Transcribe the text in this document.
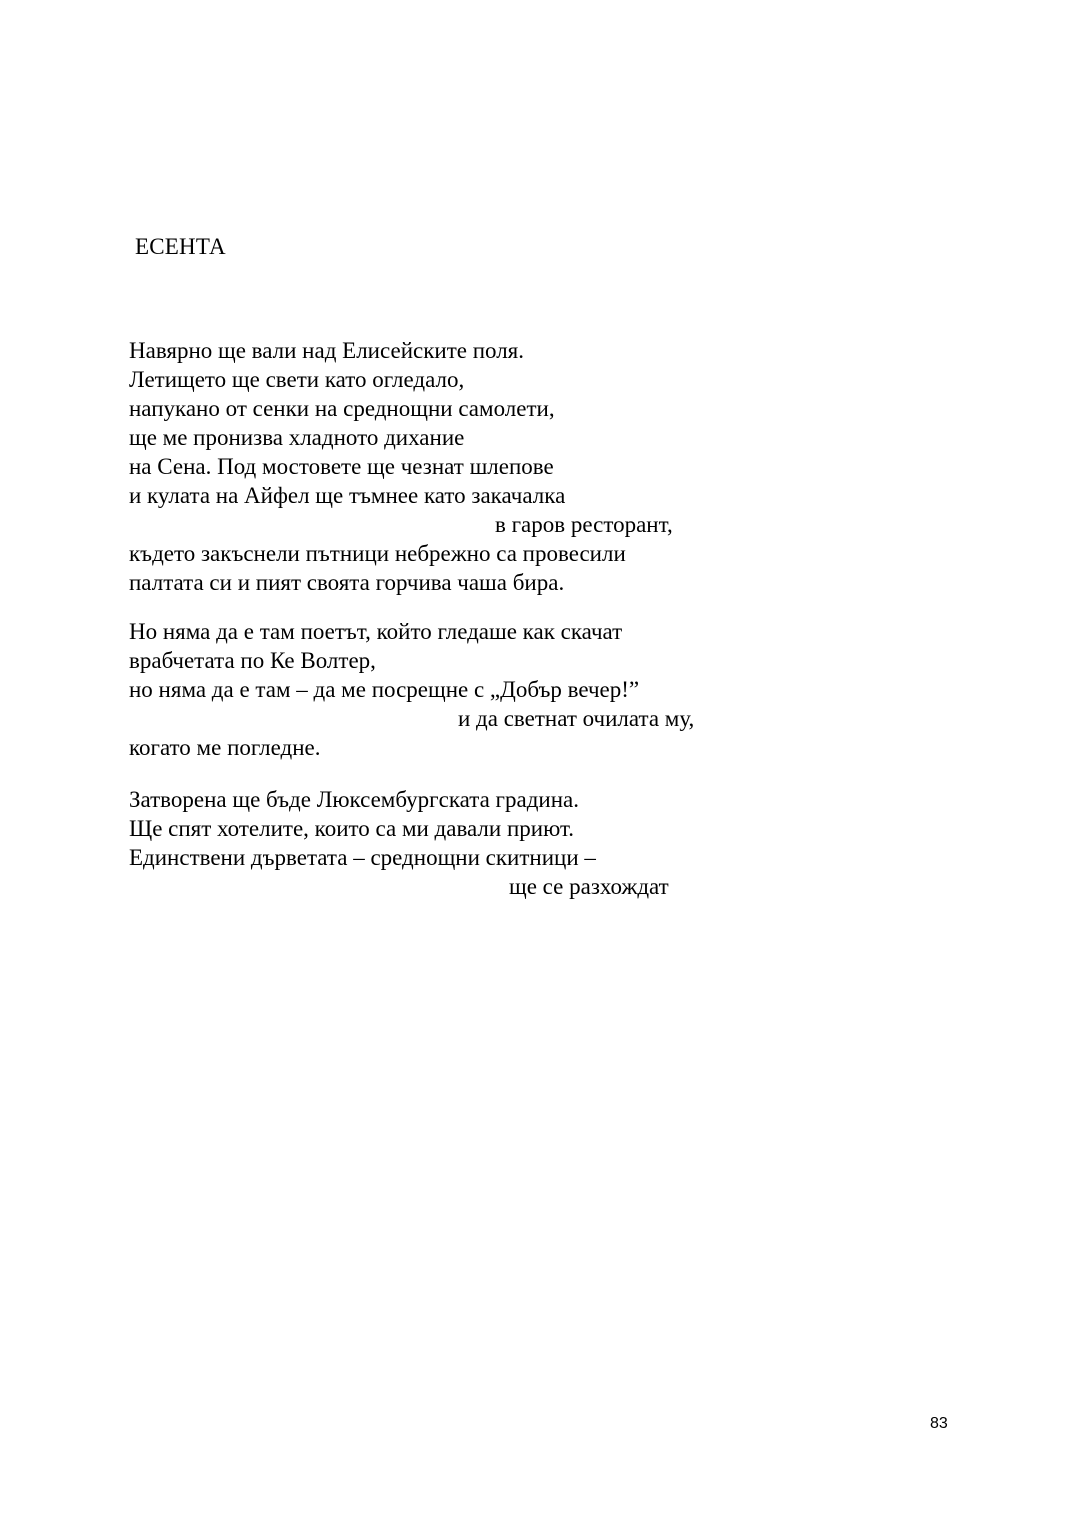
ЕСЕНТА
Навярно ще вали над Елисейските поля.
Летището ще свети като огледало,
напукано от сенки на среднощни самолети,
ще ме пронизва хладното дихание
на Сена. Под мостовете ще чезнат шлепове
и кулата на Айфел ще тъмнее като закачалка
в гаров ресторант,
където закъснели пътници небрежно са провесили
палтата си и пият своята горчива чаша бира.
Но няма да е там поетът, който гледаше как скачат
врабчетата по Ке Волтер,
но няма да е там – да ме посрещне с „Добър вечер!”
и да светнат очилата му,
когато ме погледне.
Затворена ще бъде Люксембургската градина.
Ще спят хотелите, които са ми давали приют.
Единствени дърветата – среднощни скитници –
ще се разхождат
83
